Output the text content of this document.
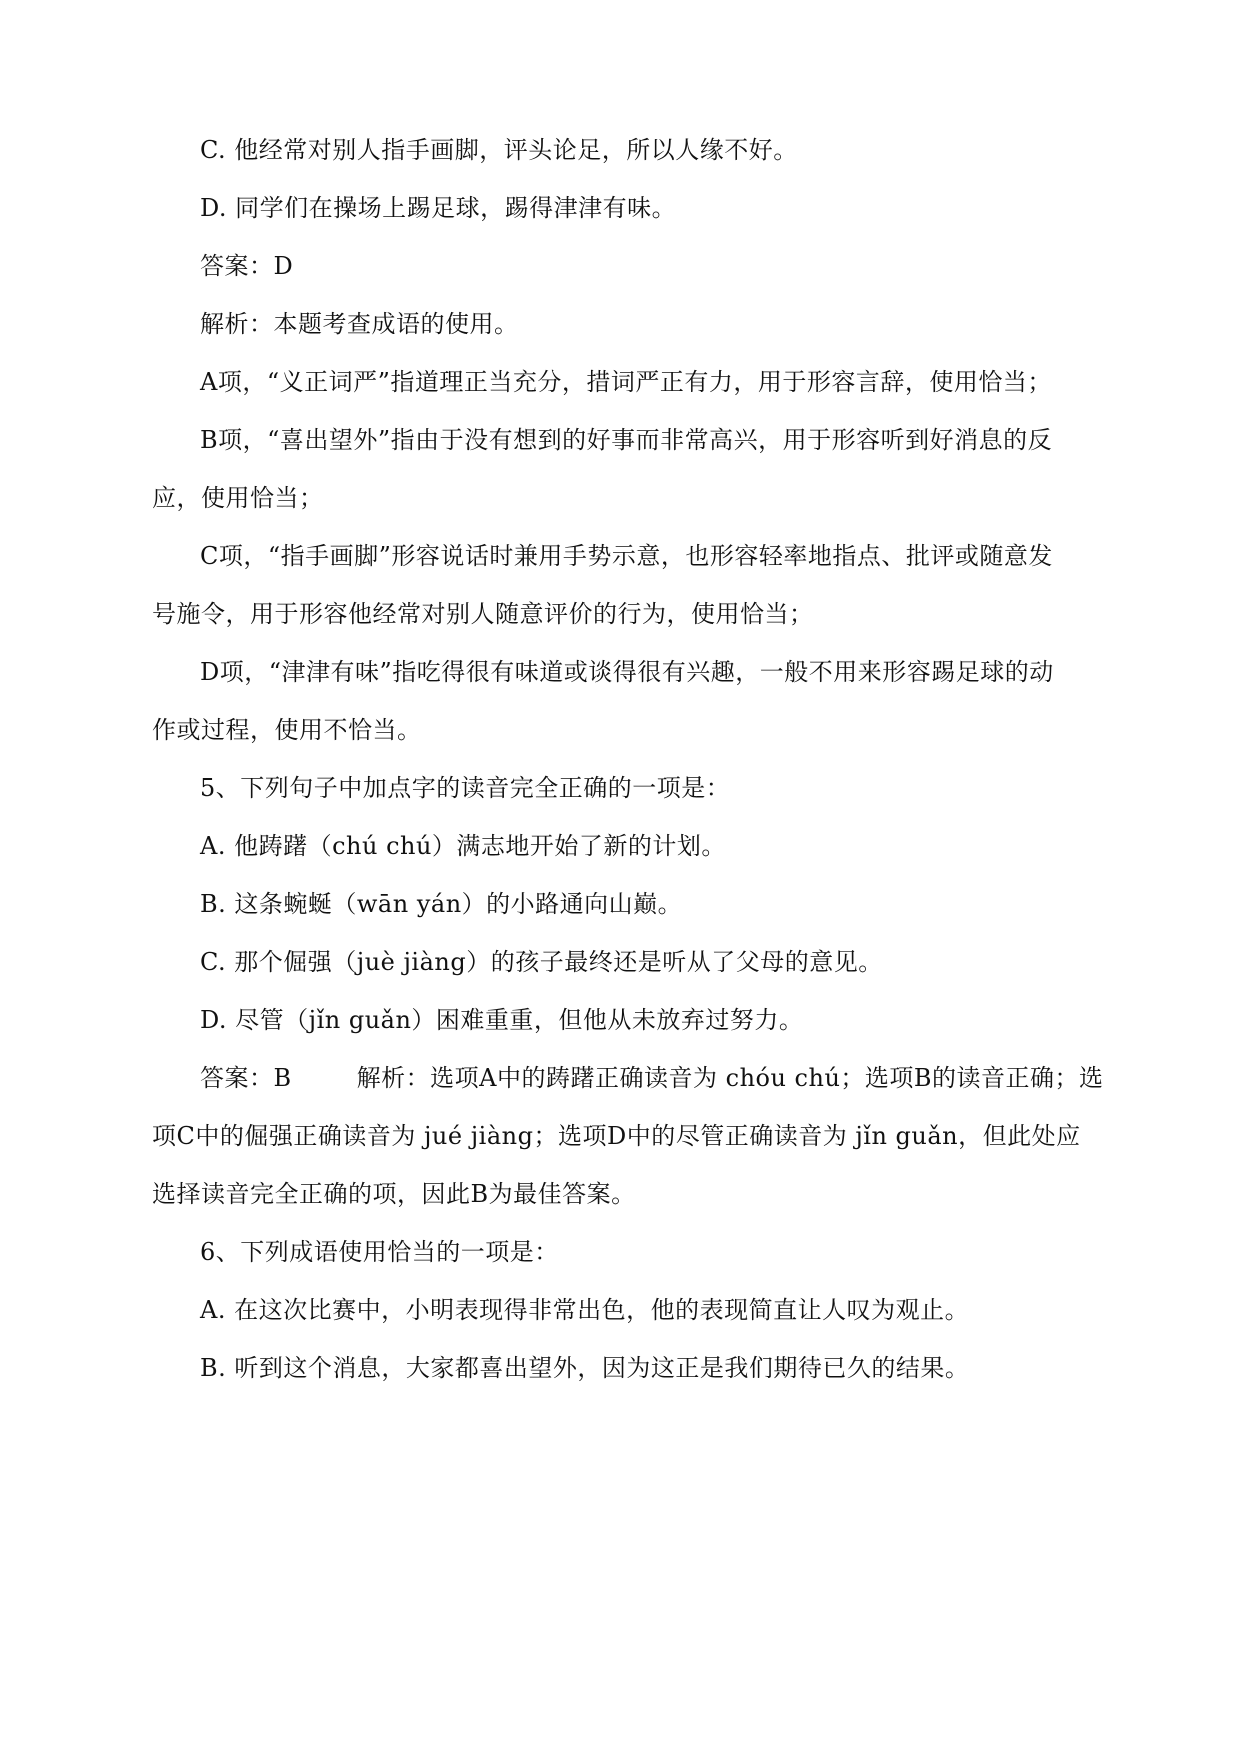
C. 他经常对别人指手画脚，评头论足，所以人缘不好。
D. 同学们在操场上踢足球，踢得津津有味。
答案：D
解析：本题考查成语的使用。
A项，“义正词严”指道理正当充分，措词严正有力，用于形容言辞，使用恰当；
B项，“喜出望外”指由于没有想到的好事而非常高兴，用于形容听到好消息的反
应，使用恰当；
C项，“指手画脚”形容说话时兼用手势示意，也形容轻率地指点、批评或随意发
号施令，用于形容他经常对别人随意评价的行为，使用恰当；
D项，“津津有味”指吃得很有味道或谈得很有兴趣，一般不用来形容踢足球的动
作或过程，使用不恰当。
5、下列句子中加点字的读音完全正确的一项是：
A. 他踌躇（chú chú）满志地开始了新的计划。
B. 这条蜿蜒（wān yán）的小路通向山巅。
C. 那个倔强（juè jiàng）的孩子最终还是听从了父母的意见。
D. 尽管（jǐn guǎn）困难重重，但他从未放弃过努力。
答案：B        解析：选项A中的踌躇正确读音为 chóu chú；选项B的读音正确；选
项C中的倔强正确读音为 jué jiàng；选项D中的尽管正确读音为 jǐn guǎn，但此处应
选择读音完全正确的项，因此B为最佳答案。
6、下列成语使用恰当的一项是：
A. 在这次比赛中，小明表现得非常出色，他的表现简直让人叹为观止。
B. 听到这个消息，大家都喜出望外，因为这正是我们期待已久的结果。
